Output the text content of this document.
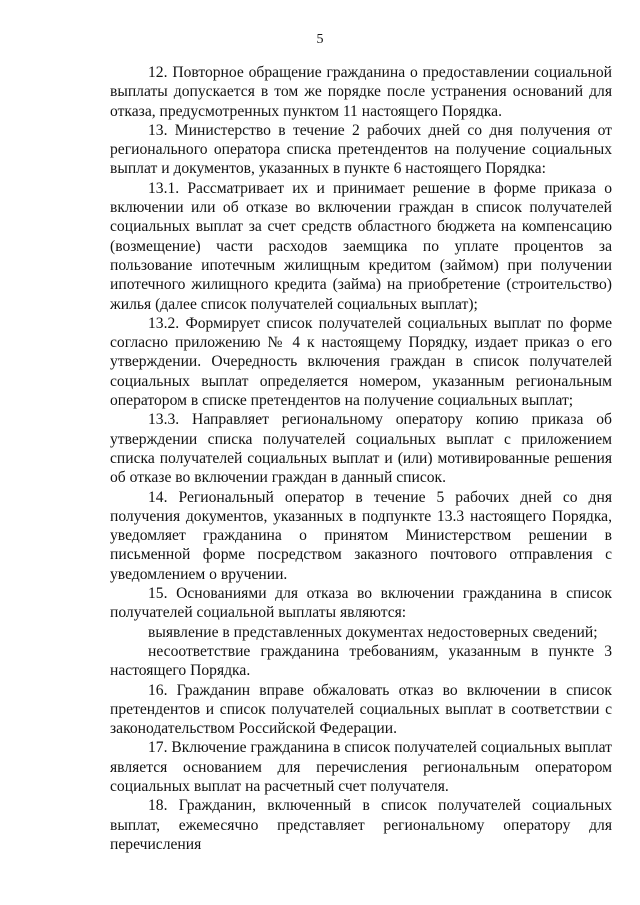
5

12. Повторное обращение гражданина о предоставлении социальной выплаты допускается в том же порядке после устранения оснований для отказа, предусмотренных пунктом 11 настоящего Порядка.

13. Министерство в течение 2 рабочих дней со дня получения от регионального оператора списка претендентов на получение социальных выплат и документов, указанных в пункте 6 настоящего Порядка:

13.1. Рассматривает их и принимает решение в форме приказа о включении или об отказе во включении граждан в список получателей социальных выплат за счет средств областного бюджета на компенсацию (возмещение) части расходов заемщика по уплате процентов за пользование ипотечным жилищным кредитом (займом) при получении ипотечного жилищного кредита (займа) на приобретение (строительство) жилья (далее список получателей социальных выплат);

13.2. Формирует список получателей социальных выплат по форме согласно приложению № 4 к настоящему Порядку, издает приказ о его утверждении. Очередность включения граждан в список получателей социальных выплат определяется номером, указанным региональным оператором в списке претендентов на получение социальных выплат;

13.3. Направляет региональному оператору копию приказа об утверждении списка получателей социальных выплат с приложением списка получателей социальных выплат и (или) мотивированные решения об отказе во включении граждан в данный список.

14. Региональный оператор в течение 5 рабочих дней со дня получения документов, указанных в подпункте 13.3 настоящего Порядка, уведомляет гражданина о принятом Министерством решении в письменной форме посредством заказного почтового отправления с уведомлением о вручении.

15. Основаниями для отказа во включении гражданина в список получателей социальной выплаты являются:

выявление в представленных документах недостоверных сведений;

несоответствие гражданина требованиям, указанным в пункте 3 настоящего Порядка.

16. Гражданин вправе обжаловать отказ во включении в список претендентов и список получателей социальных выплат в соответствии с законодательством Российской Федерации.

17. Включение гражданина в список получателей социальных выплат является основанием для перечисления региональным оператором социальных выплат на расчетный счет получателя.

18. Гражданин, включенный в список получателей социальных выплат, ежемесячно представляет региональному оператору для перечисления
